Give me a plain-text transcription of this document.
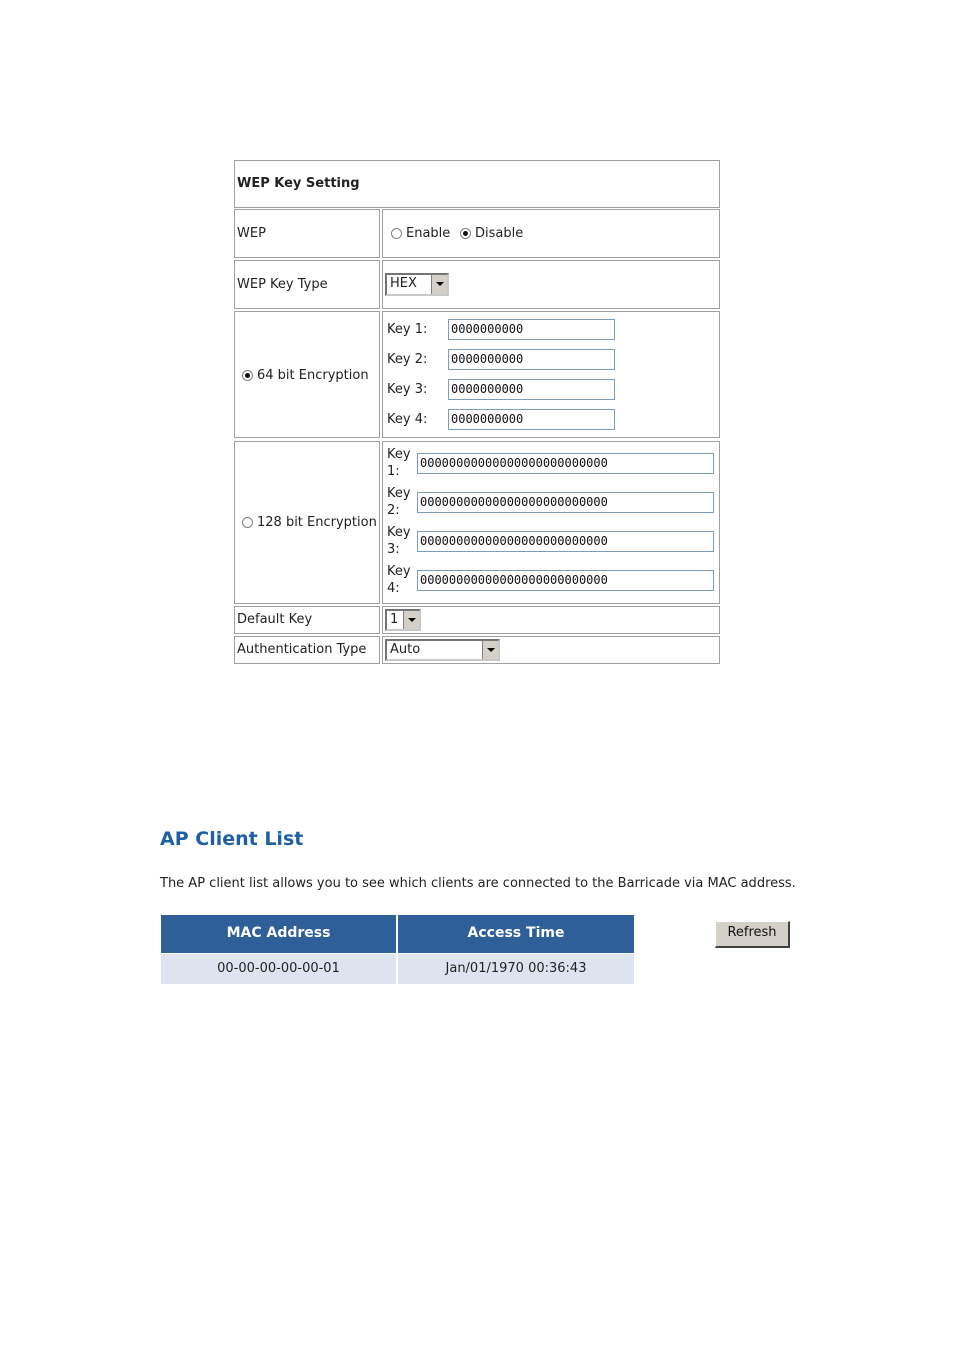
WEP Key Setting
WEP	Enable Disable
WEP Key Type	HEX
64 bit Encryption
Key 1: 0000000000
Key 2: 0000000000
Key 3: 0000000000
Key 4: 0000000000
128 bit Encryption
Key
1:
00000000000000000000000000
Key
2:
00000000000000000000000000
Key
3:
00000000000000000000000000
Key
4:
00000000000000000000000000
Default Key	1
Authentication Type	Auto
AP Client List
The AP client list allows you to see which clients are connected to the Barricade via MAC address.
MAC Address	Access Time
00-00-00-00-00-01	Jan/01/1970 00:36:43
Refresh
